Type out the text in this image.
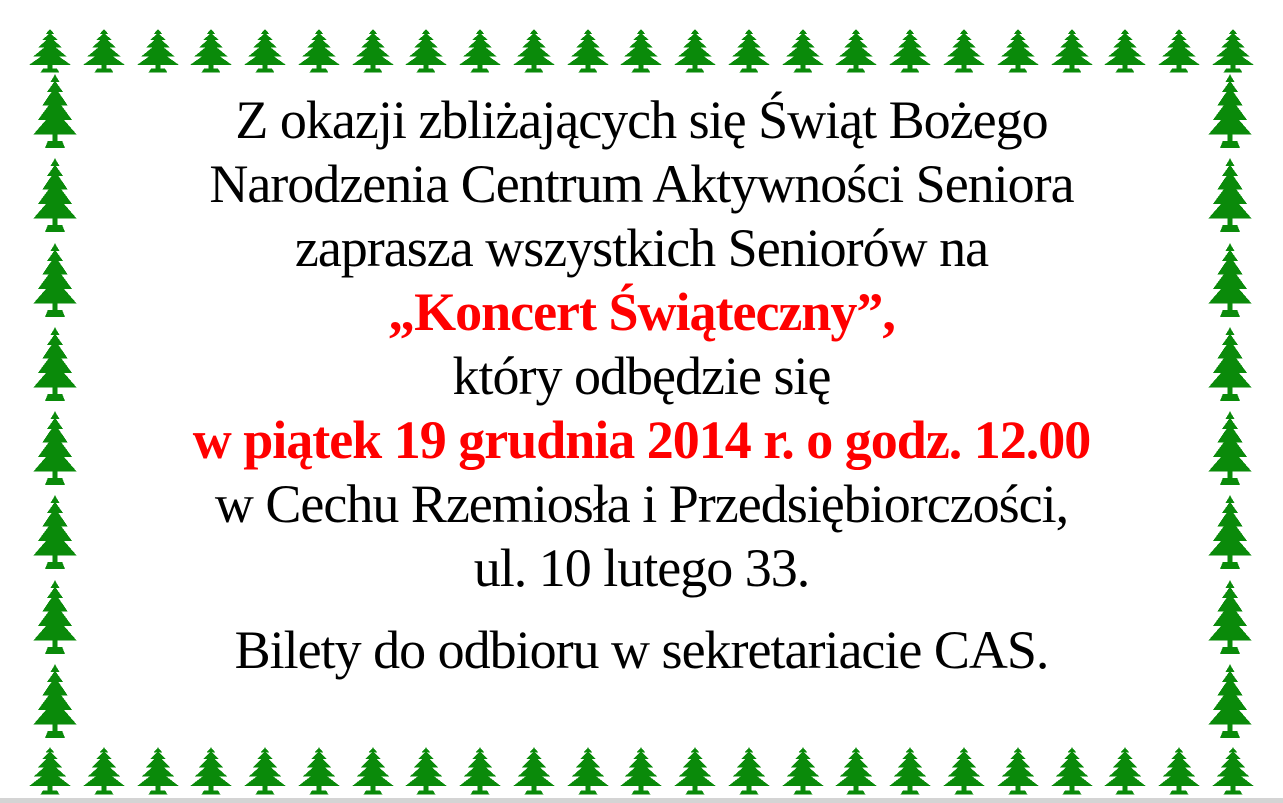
Z okazji zbliżających się Świąt Bożego

Narodzenia Centrum Aktywności Seniora

zaprasza wszystkich Seniorów na

„Koncert Świąteczny”,

który odbędzie się

w piątek 19 grudnia 2014 r. o godz. 12.00

w Cechu Rzemiosła i Przedsiębiorczości,

ul. 10 lutego 33.

Bilety do odbioru w sekretariacie CAS.
